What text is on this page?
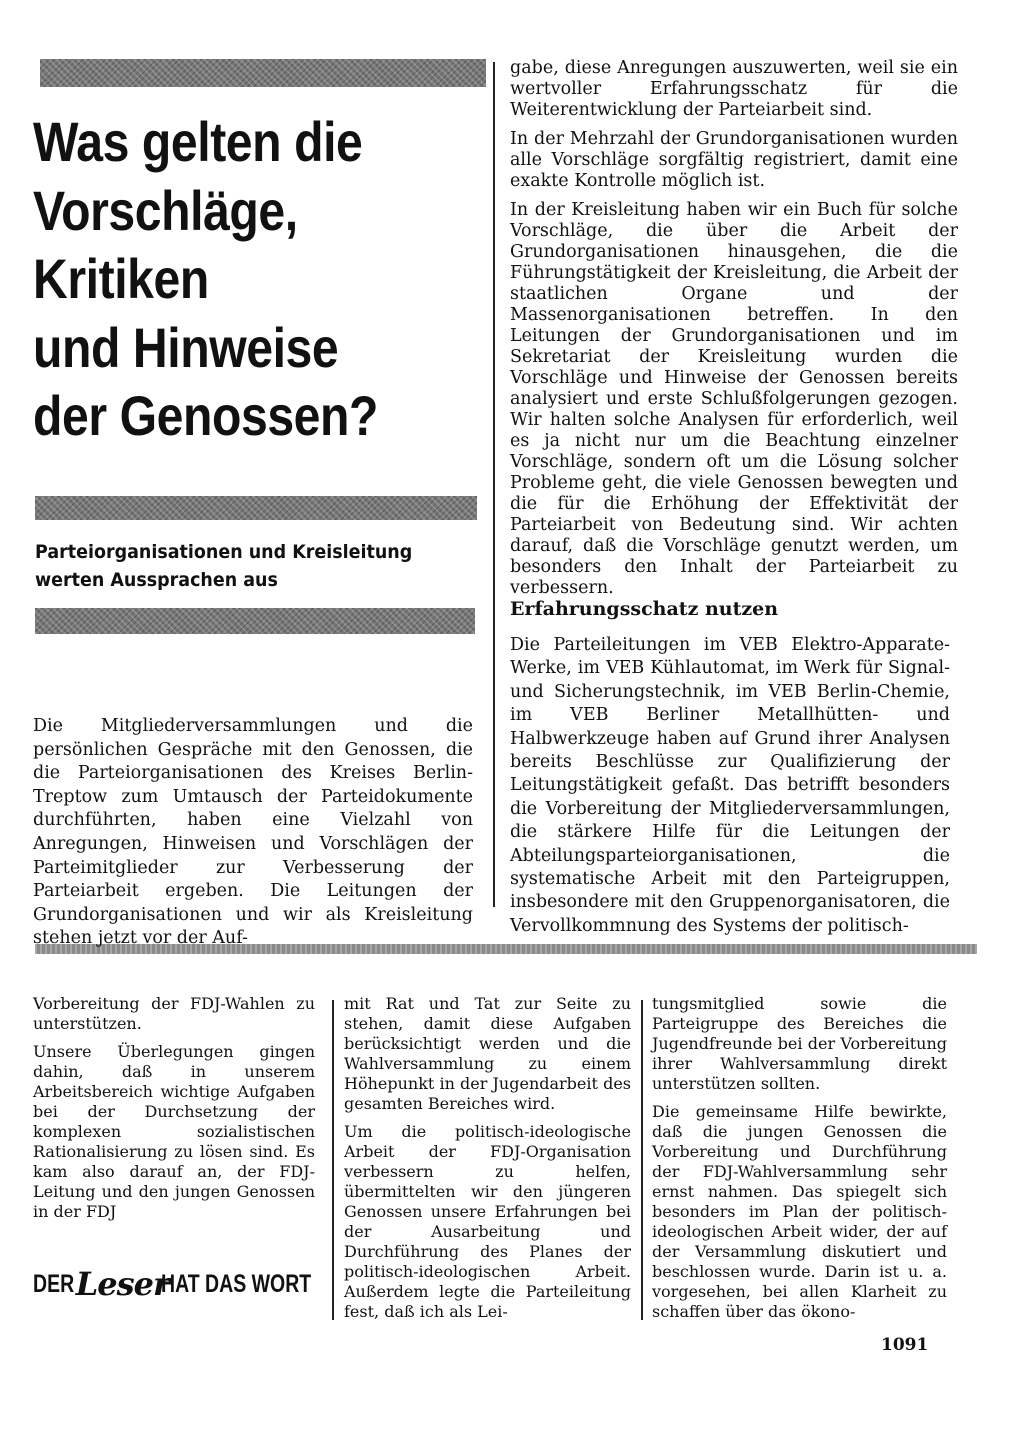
Was gelten die
Vorschläge,
Kritiken
und Hinweise
der Genossen?
Parteiorganisationen und Kreisleitung
werten Aussprachen aus
Die Mitgliederversammlungen und die persönlichen Gespräche mit den Genossen, die die Parteiorganisationen des Kreises Berlin-Treptow zum Umtausch der Parteidokumente durchführten, haben eine Vielzahl von Anregungen, Hinweisen und Vorschlägen der Parteimitglieder zur Verbesserung der Parteiarbeit ergeben. Die Leitungen der Grundorganisationen und wir als Kreisleitung stehen jetzt vor der Auf-

gabe, diese Anregungen auszuwerten, weil sie ein wertvoller Erfahrungsschatz für die Weiterentwicklung der Parteiarbeit sind.

In der Mehrzahl der Grundorganisationen wurden alle Vorschläge sorgfältig registriert, damit eine exakte Kontrolle möglich ist.

In der Kreisleitung haben wir ein Buch für solche Vorschläge, die über die Arbeit der Grundorganisationen hinausgehen, die die Führungstätigkeit der Kreisleitung, die Arbeit der staatlichen Organe und der Massenorganisationen betreffen. In den Leitungen der Grundorganisationen und im Sekretariat der Kreisleitung wurden die Vorschläge und Hinweise der Genossen bereits analysiert und erste Schlußfolgerungen gezogen. Wir halten solche Analysen für erforderlich, weil es ja nicht nur um die Beachtung einzelner Vorschläge, sondern oft um die Lösung solcher Probleme geht, die viele Genossen bewegten und die für die Erhöhung der Effektivität der Parteiarbeit von Bedeutung sind. Wir achten darauf, daß die Vorschläge genutzt werden, um besonders den Inhalt der Parteiarbeit zu verbessern.

Erfahrungsschatz nutzen
Die Parteileitungen im VEB Elektro-Apparate-Werke, im VEB Kühlautomat, im Werk für Signal- und Sicherungstechnik, im VEB Berlin-Chemie, im VEB Berliner Metallhütten- und Halbwerkzeuge haben auf Grund ihrer Analysen bereits Beschlüsse zur Qualifizierung der Leitungstätigkeit gefaßt. Das betrifft besonders die Vorbereitung der Mitgliederversammlungen, die stärkere Hilfe für die Leitungen der Abteilungsparteiorganisationen, die systematische Arbeit mit den Parteigruppen, insbesondere mit den Gruppenorganisatoren, die Vervollkommnung des Systems der politisch-

Vorbereitung der FDJ-Wahlen zu unterstützen.

Unsere Überlegungen gingen dahin, daß in unserem Arbeitsbereich wichtige Aufgaben bei der Durchsetzung der komplexen sozialistischen Rationalisierung zu lösen sind. Es kam also darauf an, der FDJ-Leitung und den jungen Genossen in der FDJ

mit Rat und Tat zur Seite zu stehen, damit diese Aufgaben berücksichtigt werden und die Wahlversammlung zu einem Höhepunkt in der Jugendarbeit des gesamten Bereiches wird.

Um die politisch-ideologische Arbeit der FDJ-Organisation verbessern zu helfen, übermittelten wir den jüngeren Genossen unsere Erfahrungen bei der Ausarbeitung und Durchführung des Planes der politisch-ideologischen Arbeit. Außerdem legte die Parteileitung fest, daß ich als Lei-

tungsmitglied sowie die Parteigruppe des Bereiches die Jugendfreunde bei der Vorbereitung ihrer Wahlversammlung direkt unterstützen sollten.

Die gemeinsame Hilfe bewirkte, daß die jungen Genossen die Vorbereitung und Durchführung der FDJ-Wahlversammlung sehr ernst nahmen. Das spiegelt sich besonders im Plan der politisch-ideologischen Arbeit wider, der auf der Versammlung diskutiert und beschlossen wurde. Darin ist u. a. vorgesehen, bei allen Klarheit zu schaffen über das ökono-

DER Leser
HAT DAS WORT
1091
